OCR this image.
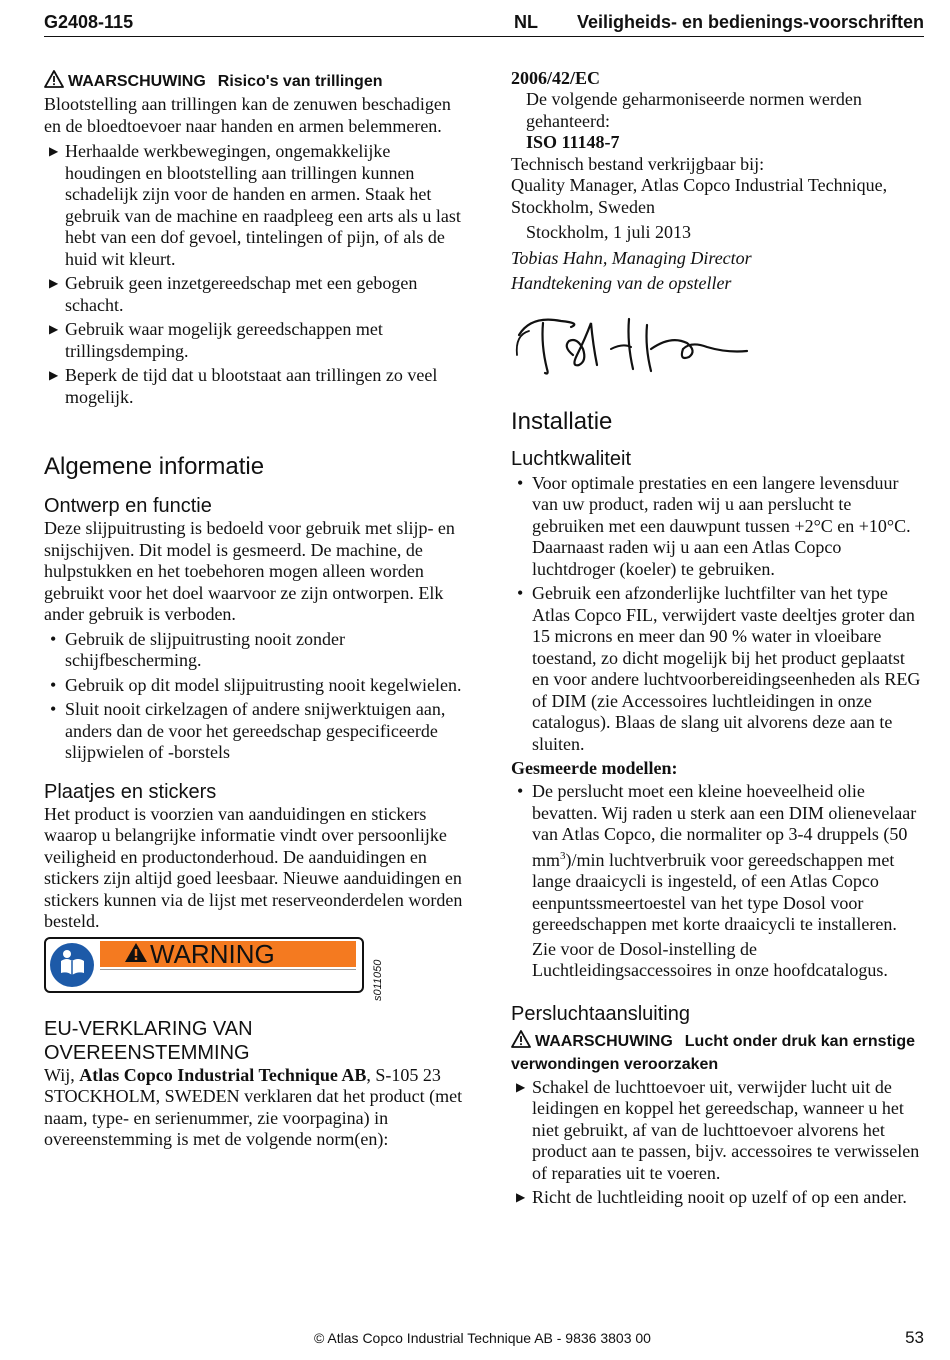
G2408-115	NL Veiligheids- en bedienings-voorschriften
WAARSCHUWING Risico's van trillingen

Blootstelling aan trillingen kan de zenuwen beschadigen en de bloedtoevoer naar handen en armen belemmeren.

▶ Herhaalde werkbewegingen, ongemakkelijke houdingen en blootstelling aan trillingen kunnen schadelijk zijn voor de handen en armen. Staak het gebruik van de machine en raadpleeg een arts als u last hebt van een dof gevoel, tintelingen of pijn, of als de huid wit kleurt.
▶ Gebruik geen inzetgereedschap met een gebogen schacht.
▶ Gebruik waar mogelijk gereedschappen met trillingsdemping.
▶ Beperk de tijd dat u blootstaat aan trillingen zo veel mogelijk.
Algemene informatie
Ontwerp en functie

Deze slijpuitrusting is bedoeld voor gebruik met slijp- en snijschijven. Dit model is gesmeerd. De machine, de hulpstukken en het toebehoren mogen alleen worden gebruikt voor het doel waarvoor ze zijn ontworpen. Elk ander gebruik is verboden.

• Gebruik de slijpuitrusting nooit zonder schijfbescherming.
• Gebruik op dit model slijpuitrusting nooit kegelwielen.
• Sluit nooit cirkelzagen of andere snijwerktuigen aan, anders dan de voor het gereedschap gespecificeerde slijpwielen of -borstels
Plaatjes en stickers

Het product is voorzien van aanduidingen en stickers waarop u belangrijke informatie vindt over persoonlijke veiligheid en productonderhoud. De aanduidingen en stickers zijn altijd goed leesbaar. Nieuwe aanduidingen en stickers kunnen via de lijst met reserveonderdelen worden besteld.

WARNING
s011050
EU-VERKLARING VAN
OVEREENSTEMMING

Wij, Atlas Copco Industrial Technique AB, S-105 23 STOCKHOLM, SWEDEN verklaren dat het product (met naam, type- en serienummer, zie voorpagina) in overeenstemming is met de volgende norm(en):

2006/42/EC

De volgende geharmoniseerde normen werden gehanteerd:

ISO 11148-7

Technisch bestand verkrijgbaar bij:

Quality Manager, Atlas Copco Industrial Technique, Stockholm, Sweden

Stockholm, 1 juli 2013

Tobias Hahn, Managing Director

Handtekening van de opsteller

Installatie
Luchtkwaliteit
• Voor optimale prestaties en een langere levensduur van uw product, raden wij u aan perslucht te gebruiken met een dauwpunt tussen +2°C en +10°C. Daarnaast raden wij u aan een Atlas Copco luchtdroger (koeler) te gebruiken.
• Gebruik een afzonderlijke luchtfilter van het type Atlas Copco FIL, verwijdert vaste deeltjes groter dan 15 microns en meer dan 90 % water in vloeibare toestand, zo dicht mogelijk bij het product geplaatst en voor andere luchtvoorbereidingseenheden als REG of DIM (zie Accessoires luchtleidingen in onze catalogus). Blaas de slang uit alvorens deze aan te sluiten.

Gesmeerde modellen:

• De perslucht moet een kleine hoeveelheid olie bevatten. Wij raden u sterk aan een DIM olienevelaar van Atlas Copco, die normaliter op 3-4 druppels (50 $mm^3)/\min$ luchtverbruik voor gereedschappen met lange draaicycli is ingesteld, of een Atlas Copco eenpuntssmeertoestel van het type Dosol voor gereedschappen met korte draaicycli te installeren.

Zie voor de Dosol-instelling de Luchtleidingsaccessoires in onze hoofdcatalogus.

Persluchtaansluiting
WAARSCHUWING Lucht onder druk kan ernstige verwondingen veroorzaken
▶ Schakel de luchttoevoer uit, verwijder lucht uit de leidingen en koppel het gereedschap, wanneer u het niet gebruikt, af van de luchttoevoer alvorens het product aan te passen, bijv. accessoires te verwisselen of reparaties uit te voeren.
▶ Richt de luchtleiding nooit op uzelf of op een ander.
© Atlas Copco Industrial Technique AB - 9836 3803 00	53
